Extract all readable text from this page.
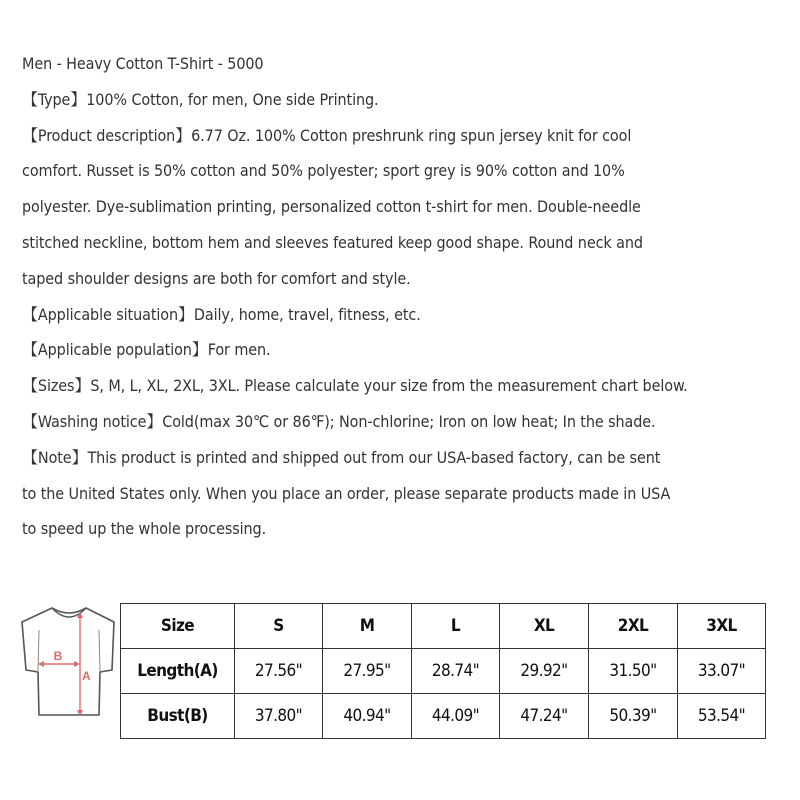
Men - Heavy Cotton T-Shirt - 5000

【Type】100% Cotton, for men, One side Printing.

【Product description】6.77 Oz. 100% Cotton preshrunk ring spun jersey knit for cool

comfort. Russet is 50% cotton and 50% polyester; sport grey is 90% cotton and 10%

polyester. Dye-sublimation printing, personalized cotton t-shirt for men. Double-needle

stitched neckline, bottom hem and sleeves featured keep good shape. Round neck and

taped shoulder designs are both for comfort and style.

【Applicable situation】Daily, home, travel, fitness, etc.

【Applicable population】For men.

【Sizes】S, M, L, XL, 2XL, 3XL. Please calculate your size from the measurement chart below.

【Washing notice】Cold(max 30℃ or 86℉); Non-chlorine; Iron on low heat; In the shade.

【Note】This product is printed and shipped out from our USA-based factory, can be sent

to the United States only. When you place an order, please separate products made in USA

to speed up the whole processing.

B
A
Size	S	M	L	XL	2XL	3XL
Length(A)	27.56"	27.95"	28.74"	29.92"	31.50"	33.07"
Bust(B)	37.80"	40.94"	44.09"	47.24"	50.39"	53.54"
